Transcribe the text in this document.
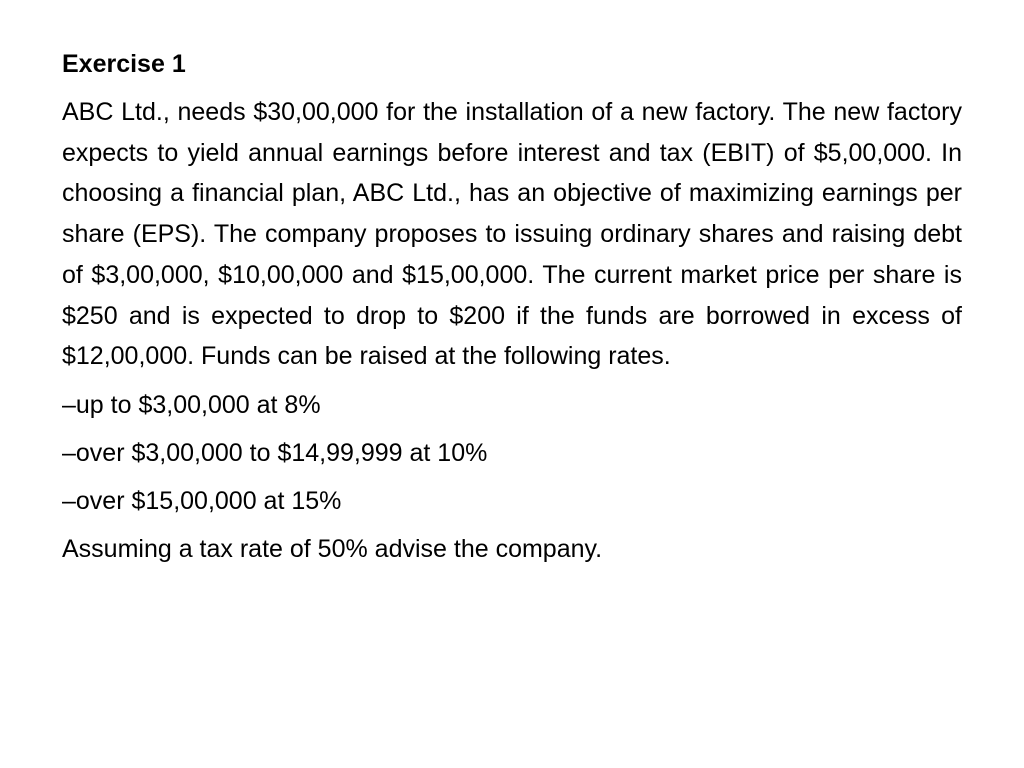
Exercise 1
ABC Ltd., needs $30,00,000 for the installation of a new factory. The new factory expects to yield annual earnings before interest and tax (EBIT) of $5,00,000. In choosing a financial plan, ABC Ltd., has an objective of maximizing earnings per share (EPS). The company proposes to issuing ordinary shares and raising debt of $3,00,000, $10,00,000 and $15,00,000. The current market price per share is $250 and is expected to drop to $200 if the funds are borrowed in excess of $12,00,000. Funds can be raised at the following rates.
–up to $3,00,000 at 8%
–over $3,00,000 to $14,99,999 at 10%
–over $15,00,000 at 15%
Assuming a tax rate of 50% advise the company.
